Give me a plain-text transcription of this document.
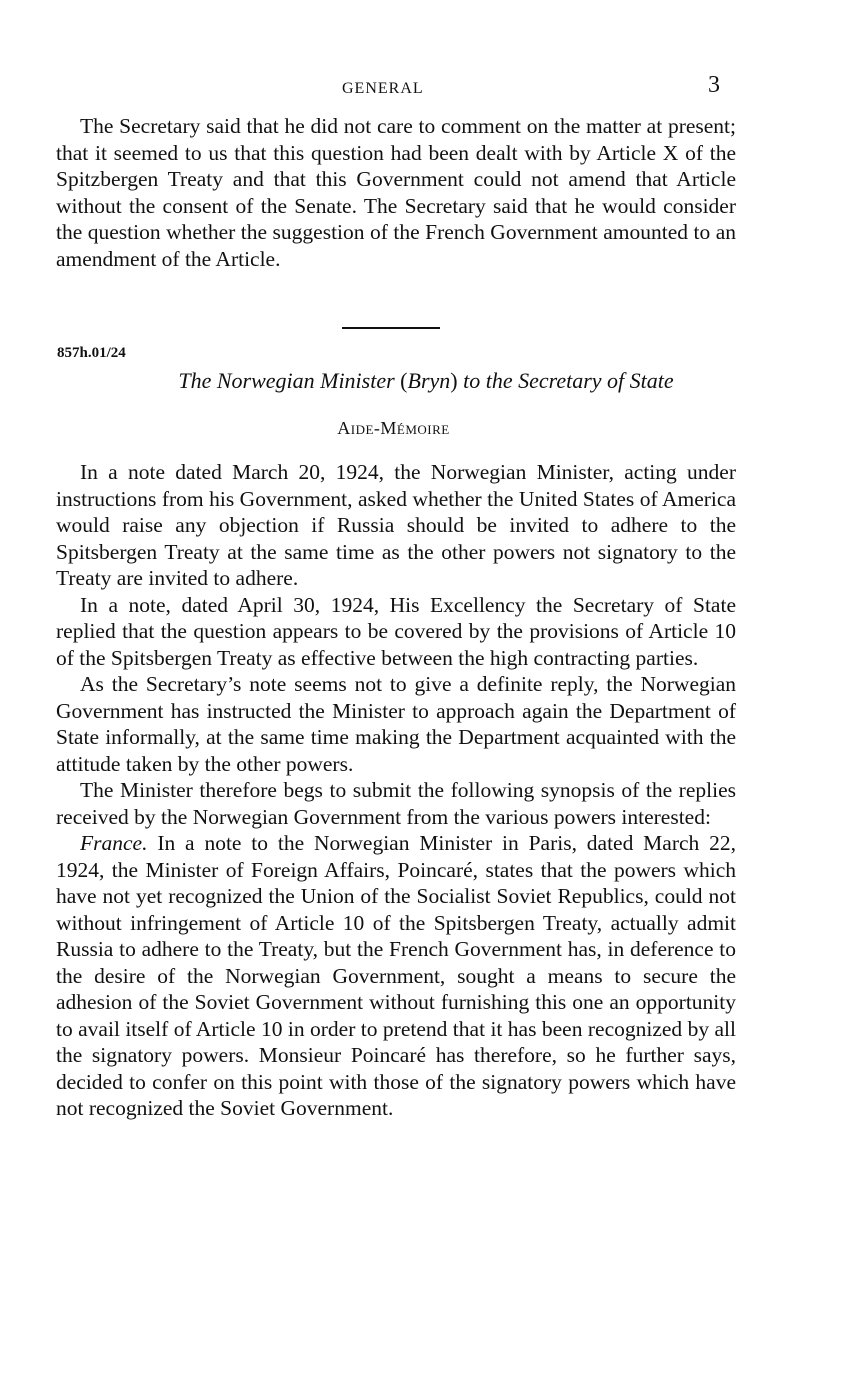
GENERAL	3

The Secretary said that he did not care to comment on the matter at present; that it seemed to us that this question had been dealt with by Article X of the Spitzbergen Treaty and that this Government could not amend that Article without the consent of the Senate. The Secretary said that he would consider the question whether the suggestion of the French Government amounted to an amendment of the Article.

857h.01/24
The Norwegian Minister (Bryn) to the Secretary of State
Aide-Mémoire

In a note dated March 20, 1924, the Norwegian Minister, acting under instructions from his Government, asked whether the United States of America would raise any objection if Russia should be invited to adhere to the Spitsbergen Treaty at the same time as the other powers not signatory to the Treaty are invited to adhere.

In a note, dated April 30, 1924, His Excellency the Secretary of State replied that the question appears to be covered by the provisions of Article 10 of the Spitsbergen Treaty as effective between the high contracting parties.

As the Secretary’s note seems not to give a definite reply, the Norwegian Government has instructed the Minister to approach again the Department of State informally, at the same time making the Department acquainted with the attitude taken by the other powers.

The Minister therefore begs to submit the following synopsis of the replies received by the Norwegian Government from the various powers interested:

France. In a note to the Norwegian Minister in Paris, dated March 22, 1924, the Minister of Foreign Affairs, Poincaré, states that the powers which have not yet recognized the Union of the Socialist Soviet Republics, could not without infringement of Article 10 of the Spitsbergen Treaty, actually admit Russia to adhere to the Treaty, but the French Government has, in deference to the desire of the Norwegian Government, sought a means to secure the adhesion of the Soviet Government without furnishing this one an opportunity to avail itself of Article 10 in order to pretend that it has been recognized by all the signatory powers. Monsieur Poincaré has therefore, so he further says, decided to confer on this point with those of the signatory powers which have not recognized the Soviet Government.
